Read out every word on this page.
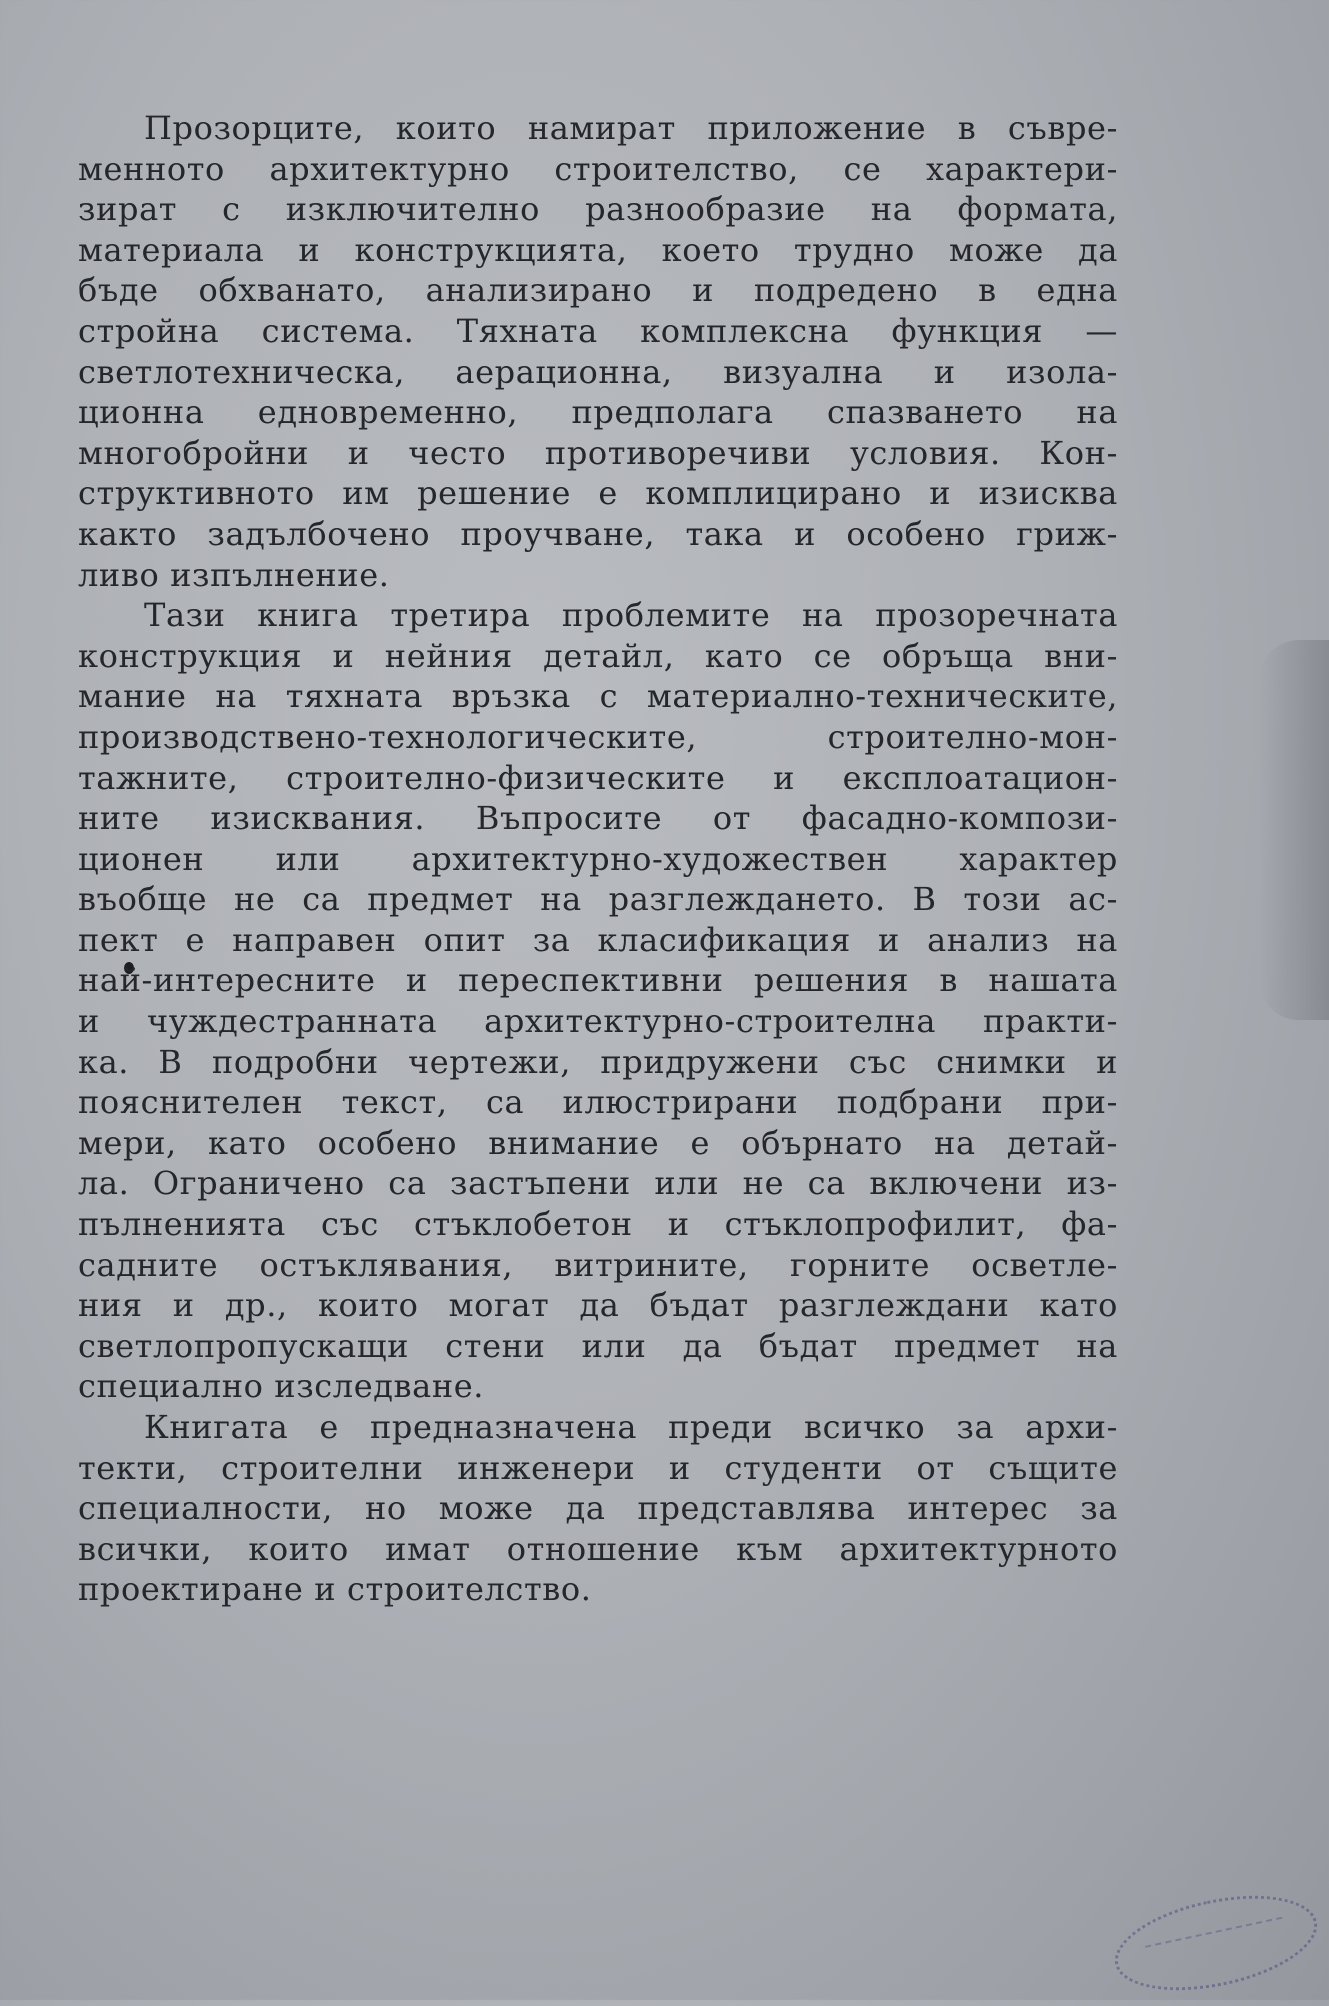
Прозорците, които намират приложение в съвре-
менното архитектурно строителство, се характери-
зират с изключително разнообразие на формата,
материала и конструкцията, което трудно може да
бъде обхванато, анализирано и подредено в една
стройна система. Тяхната комплексна функция —
светлотехническа, аерационна, визуална и изола-
ционна едновременно, предполага спазването на
многобройни и често противоречиви условия. Кон-
структивното им решение е комплицирано и изисква
както задълбочено проучване, така и особено гриж-
ливо изпълнение.
Тази книга третира проблемите на прозоречната
конструкция и нейния детайл, като се обръща вни-
мание на тяхната връзка с материално-техническите,
производствено-технологическите, строително-мон-
тажните, строително-физическите и експлоатацион-
ните изисквания. Въпросите от фасадно-компози-
ционен или архитектурно-художествен характер
въобще не са предмет на разглеждането. В този ас-
пект е направен опит за класификация и анализ на
най-интересните и переспективни решения в нашата
и чуждестранната архитектурно-строителна практи-
ка. В подробни чертежи, придружени със снимки и
пояснителен текст, са илюстрирани подбрани при-
мери, като особено внимание е обърнато на детай-
ла. Ограничено са застъпени или не са включени из-
пълненията със стъклобетон и стъклопрофилит, фа-
садните остъклявания, витрините, горните осветле-
ния и др., които могат да бъдат разглеждани като
светлопропускащи стени или да бъдат предмет на
специално изследване.
Книгата е предназначена преди всичко за архи-
текти, строителни инженери и студенти от същите
специалности, но може да представлява интерес за
всички, които имат отношение към архитектурното
проектиране и строителство.
